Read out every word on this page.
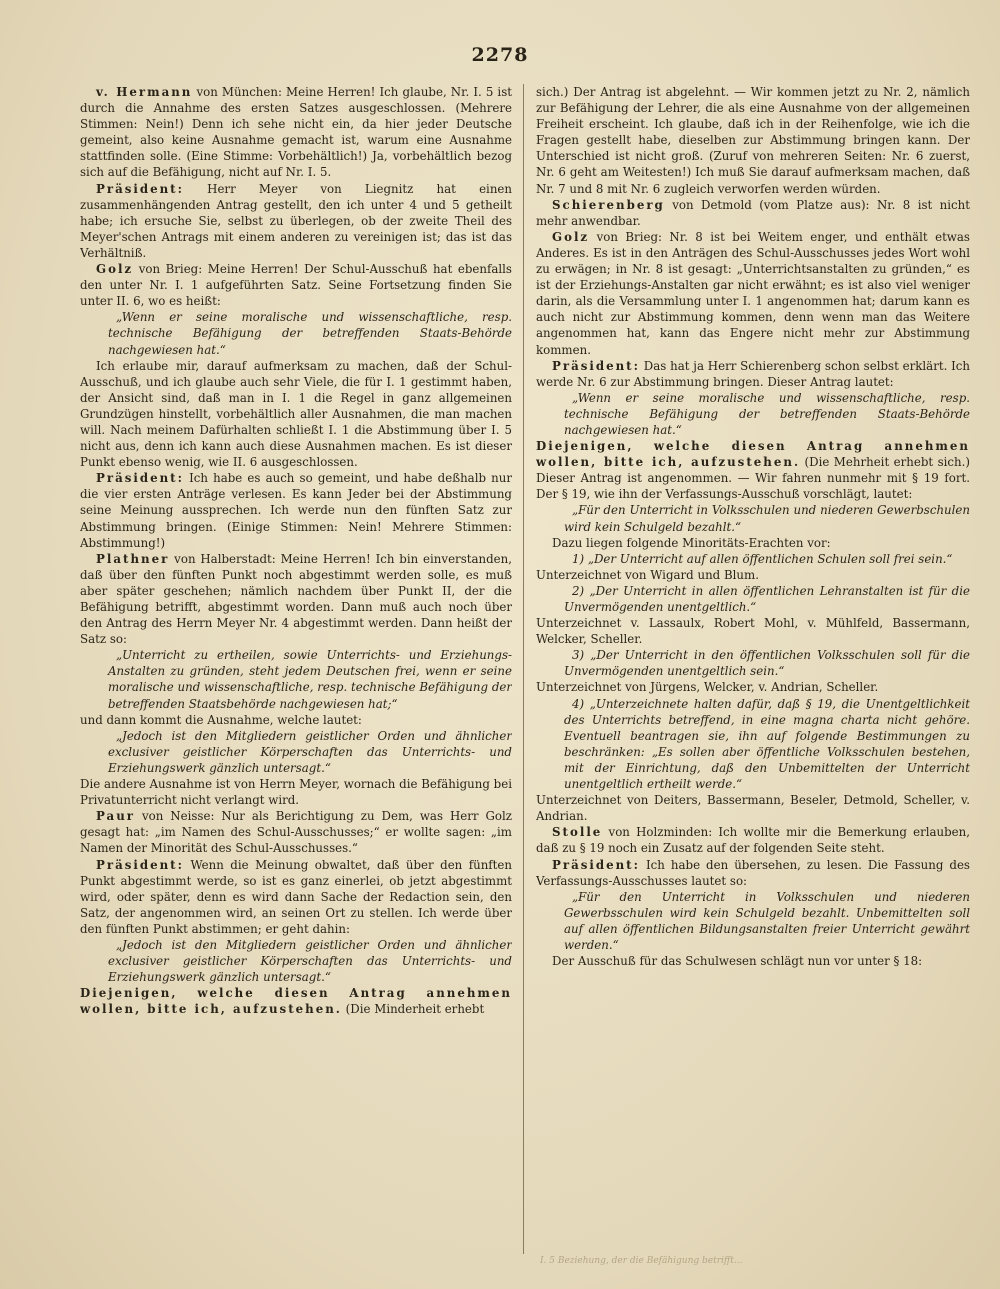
2278

v. Hermann von München: Meine Herren! Ich glaube, Nr. I. 5 ist durch die Annahme des ersten Satzes ausgeschlossen. (Mehrere Stimmen: Nein!) Denn ich sehe nicht ein, da hier jeder Deutsche gemeint, also keine Ausnahme gemacht ist, warum eine Ausnahme stattfinden solle. (Eine Stimme: Vorbehältlich!) Ja, vorbehältlich bezog sich auf die Befähigung, nicht auf Nr. I. 5.

Präsident: Herr Meyer von Liegnitz hat einen zusammenhängenden Antrag gestellt, den ich unter 4 und 5 getheilt habe; ich ersuche Sie, selbst zu überlegen, ob der zweite Theil des Meyer'schen Antrags mit einem anderen zu vereinigen ist; das ist das Verhältniß.

Golz von Brieg: Meine Herren! Der Schul-Ausschuß hat ebenfalls den unter Nr. I. 1 aufgeführten Satz. Seine Fortsetzung finden Sie unter II. 6, wo es heißt:

„Wenn er seine moralische und wissenschaftliche, resp. technische Befähigung der betreffenden Staats-Behörde nachgewiesen hat.“

Ich erlaube mir, darauf aufmerksam zu machen, daß der Schul-Ausschuß, und ich glaube auch sehr Viele, die für I. 1 gestimmt haben, der Ansicht sind, daß man in I. 1 die Regel in ganz allgemeinen Grundzügen hinstellt, vorbehältlich aller Ausnahmen, die man machen will. Nach meinem Dafürhalten schließt I. 1 die Abstimmung über I. 5 nicht aus, denn ich kann auch diese Ausnahmen machen. Es ist dieser Punkt ebenso wenig, wie II. 6 ausgeschlossen.

Präsident: Ich habe es auch so gemeint, und habe deßhalb nur die vier ersten Anträge verlesen. Es kann Jeder bei der Abstimmung seine Meinung aussprechen. Ich werde nun den fünften Satz zur Abstimmung bringen. (Einige Stimmen: Nein! Mehrere Stimmen: Abstimmung!)

Plathner von Halberstadt: Meine Herren! Ich bin einverstanden, daß über den fünften Punkt noch abgestimmt werden solle, es muß aber später geschehen; nämlich nachdem über Punkt II, der die Befähigung betrifft, abgestimmt worden. Dann muß auch noch über den Antrag des Herrn Meyer Nr. 4 abgestimmt werden. Dann heißt der Satz so:

„Unterricht zu ertheilen, sowie Unterrichts- und Erziehungs-Anstalten zu gründen, steht jedem Deutschen frei, wenn er seine moralische und wissenschaftliche, resp. technische Befähigung der betreffenden Staatsbehörde nachgewiesen hat;“

und dann kommt die Ausnahme, welche lautet:

„Jedoch ist den Mitgliedern geistlicher Orden und ähnlicher exclusiver geistlicher Körperschaften das Unterrichts- und Erziehungswerk gänzlich untersagt.“

Die andere Ausnahme ist von Herrn Meyer, wornach die Befähigung bei Privatunterricht nicht verlangt wird.

Paur von Neisse: Nur als Berichtigung zu Dem, was Herr Golz gesagt hat: „im Namen des Schul-Ausschusses;“ er wollte sagen: „im Namen der Minorität des Schul-Ausschusses.“

Präsident: Wenn die Meinung obwaltet, daß über den fünften Punkt abgestimmt werde, so ist es ganz einerlei, ob jetzt abgestimmt wird, oder später, denn es wird dann Sache der Redaction sein, den Satz, der angenommen wird, an seinen Ort zu stellen. Ich werde über den fünften Punkt abstimmen; er geht dahin:

„Jedoch ist den Mitgliedern geistlicher Orden und ähnlicher exclusiver geistlicher Körperschaften das Unterrichts- und Erziehungswerk gänzlich untersagt.“

Diejenigen, welche diesen Antrag annehmen wollen, bitte ich, aufzustehen. (Die Minderheit erhebt

sich.) Der Antrag ist abgelehnt. — Wir kommen jetzt zu Nr. 2, nämlich zur Befähigung der Lehrer, die als eine Ausnahme von der allgemeinen Freiheit erscheint. Ich glaube, daß ich in der Reihenfolge, wie ich die Fragen gestellt habe, dieselben zur Abstimmung bringen kann. Der Unterschied ist nicht groß. (Zuruf von mehreren Seiten: Nr. 6 zuerst, Nr. 6 geht am Weitesten!) Ich muß Sie darauf aufmerksam machen, daß Nr. 7 und 8 mit Nr. 6 zugleich verworfen werden würden.

Schierenberg von Detmold (vom Platze aus): Nr. 8 ist nicht mehr anwendbar.

Golz von Brieg: Nr. 8 ist bei Weitem enger, und enthält etwas Anderes. Es ist in den Anträgen des Schul-Ausschusses jedes Wort wohl zu erwägen; in Nr. 8 ist gesagt: „Unterrichtsanstalten zu gründen,“ es ist der Erziehungs-Anstalten gar nicht erwähnt; es ist also viel weniger darin, als die Versammlung unter I. 1 angenommen hat; darum kann es auch nicht zur Abstimmung kommen, denn wenn man das Weitere angenommen hat, kann das Engere nicht mehr zur Abstimmung kommen.

Präsident: Das hat ja Herr Schierenberg schon selbst erklärt. Ich werde Nr. 6 zur Abstimmung bringen. Dieser Antrag lautet:

„Wenn er seine moralische und wissenschaftliche, resp. technische Befähigung der betreffenden Staats-Behörde nachgewiesen hat.“

Diejenigen, welche diesen Antrag annehmen wollen, bitte ich, aufzustehen. (Die Mehrheit erhebt sich.) Dieser Antrag ist angenommen. — Wir fahren nunmehr mit § 19 fort. Der § 19, wie ihn der Verfassungs-Ausschuß vorschlägt, lautet:

„Für den Unterricht in Volksschulen und niederen Gewerbschulen wird kein Schulgeld bezahlt.“

Dazu liegen folgende Minoritäts-Erachten vor:

1) „Der Unterricht auf allen öffentlichen Schulen soll frei sein.“

Unterzeichnet von Wigard und Blum.

2) „Der Unterricht in allen öffentlichen Lehranstalten ist für die Unvermögenden unentgeltlich.“

Unterzeichnet v. Lassaulx, Robert Mohl, v. Mühlfeld, Bassermann, Welcker, Scheller.

3) „Der Unterricht in den öffentlichen Volksschulen soll für die Unvermögenden unentgeltlich sein.“

Unterzeichnet von Jürgens, Welcker, v. Andrian, Scheller.

4) „Unterzeichnete halten dafür, daß § 19, die Unentgeltlichkeit des Unterrichts betreffend, in eine magna charta nicht gehöre. Eventuell beantragen sie, ihn auf folgende Bestimmungen zu beschränken: „Es sollen aber öffentliche Volksschulen bestehen, mit der Einrichtung, daß den Unbemittelten der Unterricht unentgeltlich ertheilt werde.“

Unterzeichnet von Deiters, Bassermann, Beseler, Detmold, Scheller, v. Andrian.

Stolle von Holzminden: Ich wollte mir die Bemerkung erlauben, daß zu § 19 noch ein Zusatz auf der folgenden Seite steht.

Präsident: Ich habe den übersehen, zu lesen. Die Fassung des Verfassungs-Ausschusses lautet so:

„Für den Unterricht in Volksschulen und niederen Gewerbsschulen wird kein Schulgeld bezahlt. Unbemittelten soll auf allen öffentlichen Bildungsanstalten freier Unterricht gewährt werden.“

Der Ausschuß für das Schulwesen schlägt nun vor unter § 18:

I. 5 Beziehung, der die Befähigung betrifft...
